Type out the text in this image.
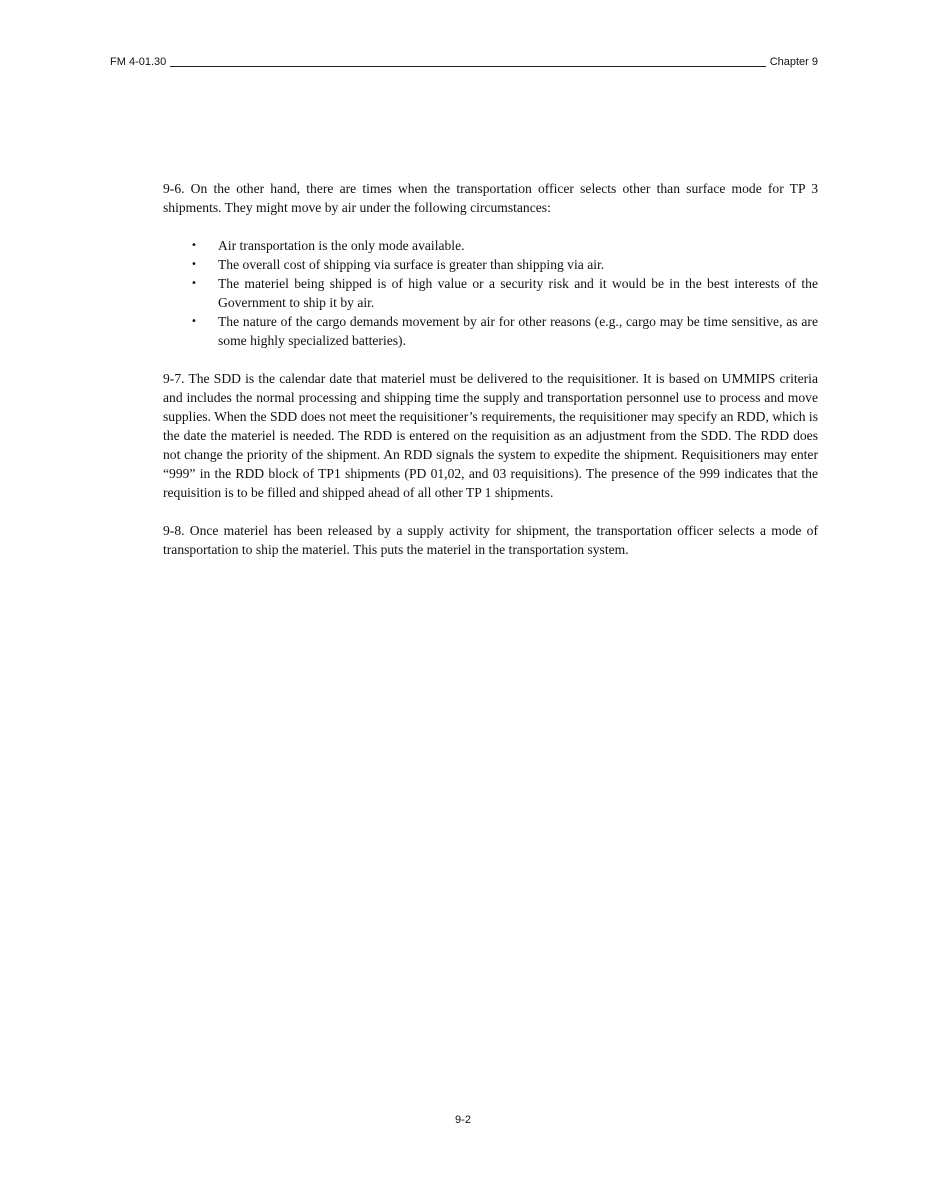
FM 4-01.30	Chapter 9

9-6. On the other hand, there are times when the transportation officer selects other than surface mode for TP 3 shipments. They might move by air under the following circumstances:

• Air transportation is the only mode available.
• The overall cost of shipping via surface is greater than shipping via air.
• The materiel being shipped is of high value or a security risk and it would be in the best interests of the Government to ship it by air.
• The nature of the cargo demands movement by air for other reasons (e.g., cargo may be time sensitive, as are some highly specialized batteries).

9-7. The SDD is the calendar date that materiel must be delivered to the requisitioner. It is based on UMMIPS criteria and includes the normal processing and shipping time the supply and transportation personnel use to process and move supplies. When the SDD does not meet the requisitioner’s requirements, the requisitioner may specify an RDD, which is the date the materiel is needed. The RDD is entered on the requisition as an adjustment from the SDD. The RDD does not change the priority of the shipment. An RDD signals the system to expedite the shipment. Requisitioners may enter “999” in the RDD block of TP1 shipments (PD 01,02, and 03 requisitions). The presence of the 999 indicates that the requisition is to be filled and shipped ahead of all other TP 1 shipments.

9-8. Once materiel has been released by a supply activity for shipment, the transportation officer selects a mode of transportation to ship the materiel. This puts the materiel in the transportation system.

9-2
